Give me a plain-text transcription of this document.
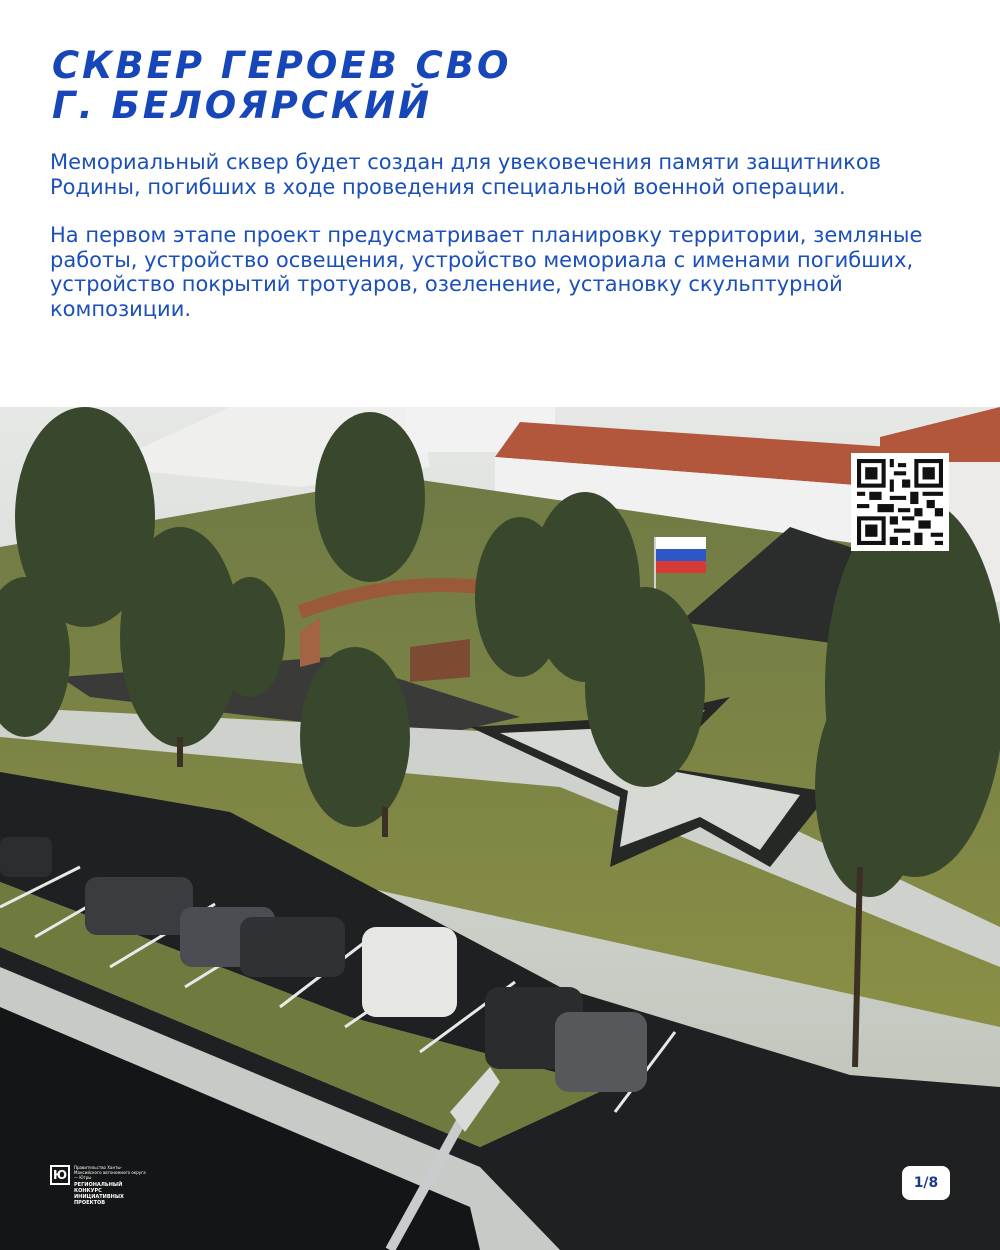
СКВЕР ГЕРОЕВ СВО
Г. БЕЛОЯРСКИЙ

Мемориальный сквер будет создан для увековечения памяти защитников Родины, погибших в ходе проведения специальной военной операции.

На первом этапе проект предусматривает планировку территории, земляные работы, устройство освещения, устройство мемориала с именами погибших, устройство покрытий тротуаров, озеленение, установку скульптурной композиции.

Ю
Правительство Ханты-Мансийского автономного округа — Югры
РЕГИОНАЛЬНЫЙ КОНКУРС ИНИЦИАТИВНЫХ ПРОЕКТОВ
1/8
